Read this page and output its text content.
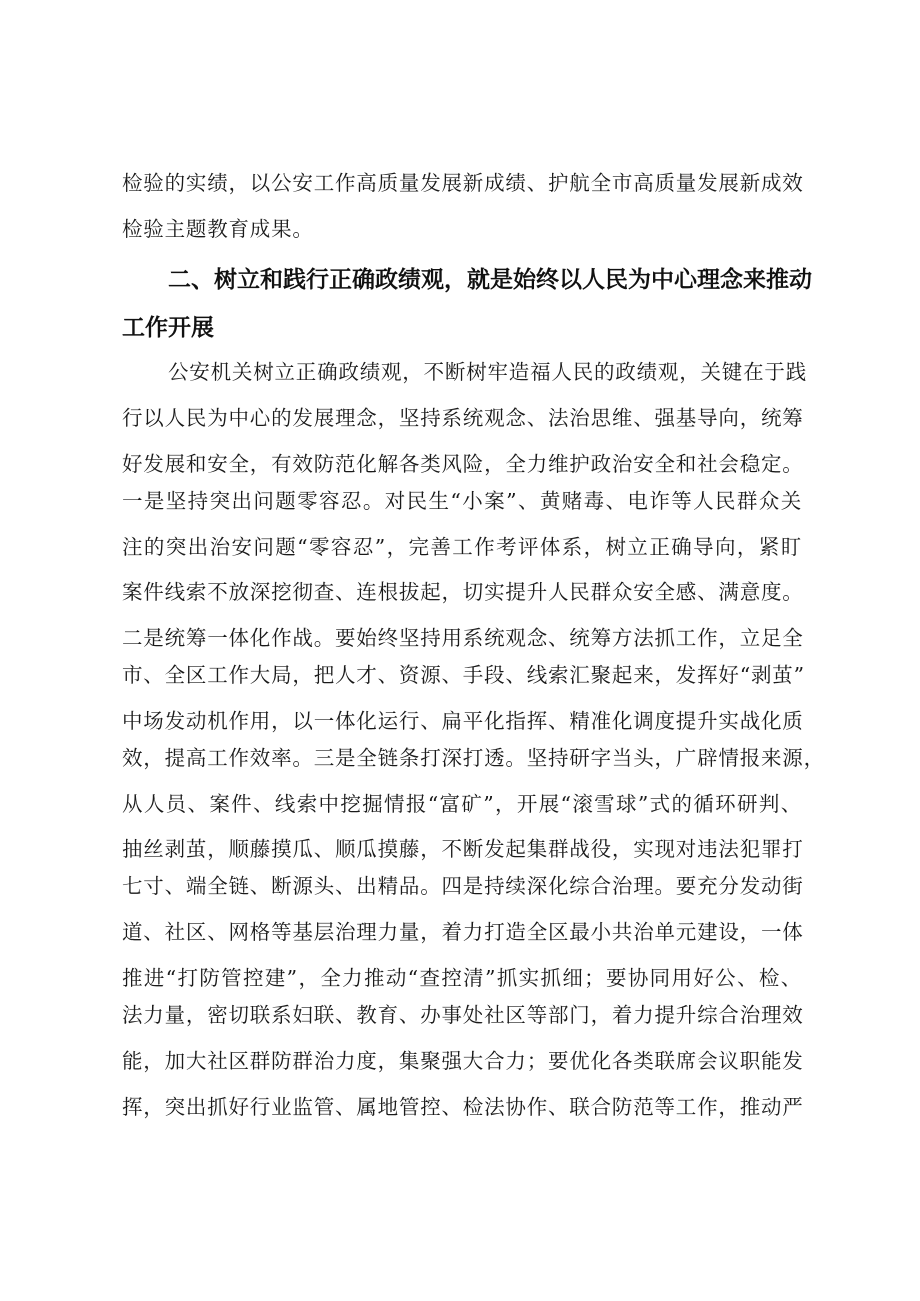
检验的实绩，以公安工作高质量发展新成绩、护航全市高质量发展新成效
检验主题教育成果。
二、树立和践行正确政绩观，就是始终以人民为中心理念来推动
工作开展
公安机关树立正确政绩观，不断树牢造福人民的政绩观，关键在于践
行以人民为中心的发展理念，坚持系统观念、法治思维、强基导向，统筹
好发展和安全，有效防范化解各类风险，全力维护政治安全和社会稳定。
一是坚持突出问题零容忍。对民生“小案”、黄赌毒、电诈等人民群众关
注的突出治安问题“零容忍”，完善工作考评体系，树立正确导向，紧盯
案件线索不放深挖彻查、连根拔起，切实提升人民群众安全感、满意度。
二是统筹一体化作战。要始终坚持用系统观念、统筹方法抓工作，立足全
市、全区工作大局，把人才、资源、手段、线索汇聚起来，发挥好“剥茧”
中场发动机作用，以一体化运行、扁平化指挥、精准化调度提升实战化质
效，提高工作效率。三是全链条打深打透。坚持研字当头，广辟情报来源，
从人员、案件、线索中挖掘情报“富矿”，开展“滚雪球”式的循环研判、
抽丝剥茧，顺藤摸瓜、顺瓜摸藤，不断发起集群战役，实现对违法犯罪打
七寸、端全链、断源头、出精品。四是持续深化综合治理。要充分发动街
道、社区、网格等基层治理力量，着力打造全区最小共治单元建设，一体
推进“打防管控建”，全力推动“查控清”抓实抓细；要协同用好公、检、
法力量，密切联系妇联、教育、办事处社区等部门，着力提升综合治理效
能，加大社区群防群治力度，集聚强大合力；要优化各类联席会议职能发
挥，突出抓好行业监管、属地管控、检法协作、联合防范等工作，推动严
